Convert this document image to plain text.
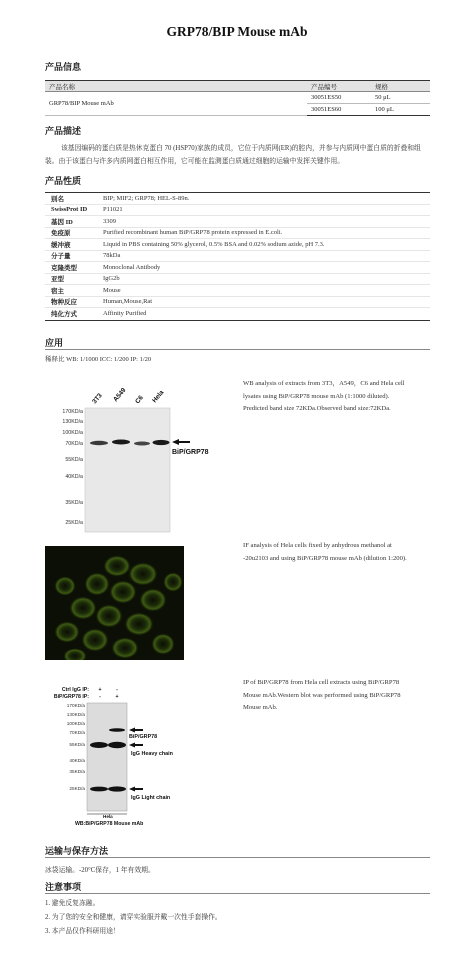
GRP78/BIP Mouse mAb
产品信息
产品名称	产品编号	规格
GRP78/BIP Mouse mAb	30051ES50	50 μL
	30051ES60	100 μL
产品描述
该基因编码的蛋白质是热休克蛋白 70 (HSP70)家族的成员，它位于内质网(ER)的腔内，并参与内质网中蛋白质的折叠和组装。由于该蛋白与许多内质网蛋白相互作用，它可能在监测蛋白质通过细胞的运输中发挥关键作用。
产品性质
别名	BIP; MIF2; GRP78; HEL-S-89n.
SwissProt ID	P11021
基因 ID	3309
免疫原	Purified recombinant human BiP/GRP78 protein expressed in E.coli.
缓冲液	Liquid in PBS containing 50% glycerol, 0.5% BSA and 0.02% sodium azide, pH 7.3.
分子量	78kDa
克隆类型	Monoclonal Antibody
亚型	IgG2b
宿主	Mouse
物种反应	Human,Mouse,Rat
纯化方式	Affinity Purified
应用
稀释比 WB: 1/1000 ICC: 1/200 IP: 1/20
3T3 A549 C6 Hela
170KD/a
130KD/a
100KD/a
70KD/a
55KD/a
40KD/a
35KD/a
25KD/a
BiP/GRP78
WB analysis of extracts from 3T3，A549，C6 and Hela cell
lysates using BiP/GRP78 mouse mAb (1:1000 diluted).
Predicted band size 72KDa.Observed band size:72KDa.
IF analysis of Hela cells fixed by anhydrous methanol at
-20u2103 and using BiP/GRP78 mouse mAb (dilution 1:200).
Ctrl IgG IP:
BiP/GRP78 IP:
+	-
-	+
170KD/a
130KD/a
100KD/a
70KD/a
55KD/a
40KD/a
35KD/a
25KD/a
BiP/GRP78
IgG Heavy chain
IgG Light chain
Hela
WB:BiP/GRP78 Mouse mAb
IP of BiP/GRP78 from Hela cell extracts using BiP/GRP78
Mouse mAb.Western blot was performed using BiP/GRP78
Mouse mAb.
运输与保存方法
冰袋运输。-20°C保存，1 年有效期。
注意事项
1. 避免反复冻融。
2. 为了您的安全和健康，请穿实验服并戴一次性手套操作。
3. 本产品仅作科研用途！
